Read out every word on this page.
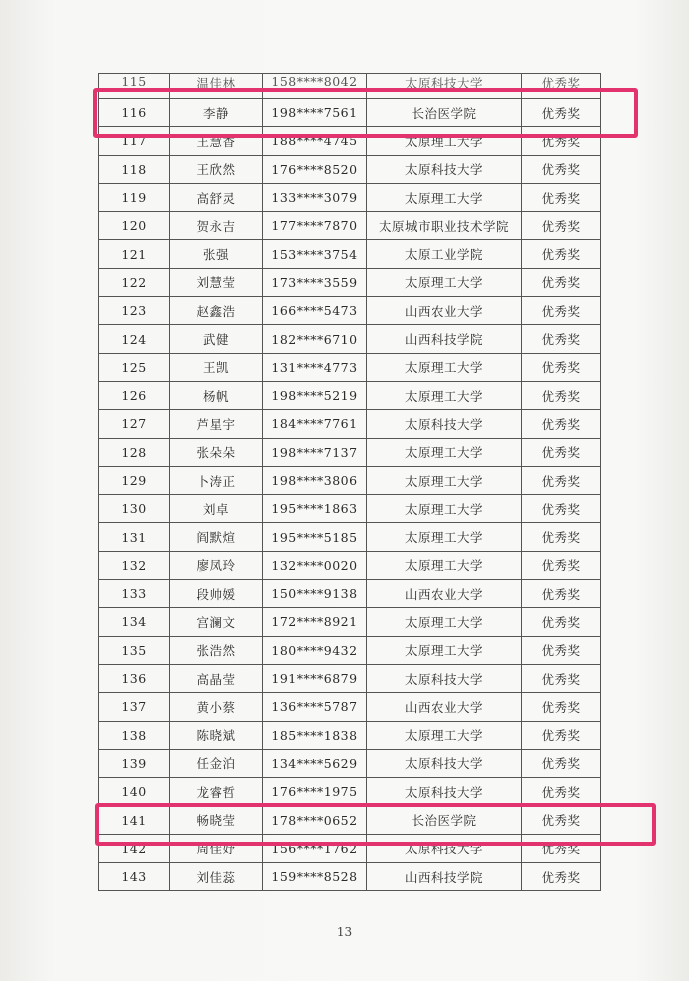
115	温佳林	158****8042	太原科技大学	优秀奖
116	李静	198****7561	长治医学院	优秀奖
117	王慧香	188****4745	太原理工大学	优秀奖
118	王欣然	176****8520	太原科技大学	优秀奖
119	高舒灵	133****3079	太原理工大学	优秀奖
120	贺永吉	177****7870	太原城市职业技术学院	优秀奖
121	张强	153****3754	太原工业学院	优秀奖
122	刘慧莹	173****3559	太原理工大学	优秀奖
123	赵鑫浩	166****5473	山西农业大学	优秀奖
124	武健	182****6710	山西科技学院	优秀奖
125	王凯	131****4773	太原理工大学	优秀奖
126	杨帆	198****5219	太原理工大学	优秀奖
127	芦星宇	184****7761	太原科技大学	优秀奖
128	张朵朵	198****7137	太原理工大学	优秀奖
129	卜涛正	198****3806	太原理工大学	优秀奖
130	刘卓	195****1863	太原理工大学	优秀奖
131	阎默煊	195****5185	太原理工大学	优秀奖
132	廖凤玲	132****0020	太原理工大学	优秀奖
133	段帅媛	150****9138	山西农业大学	优秀奖
134	宫澜文	172****8921	太原理工大学	优秀奖
135	张浩然	180****9432	太原理工大学	优秀奖
136	高晶莹	191****6879	太原科技大学	优秀奖
137	黄小蔡	136****5787	山西农业大学	优秀奖
138	陈晓斌	185****1838	太原理工大学	优秀奖
139	任金泊	134****5629	太原科技大学	优秀奖
140	龙睿哲	176****1975	太原科技大学	优秀奖
141	畅晓莹	178****0652	长治医学院	优秀奖
142	周佳妤	156****1762	太原科技大学	优秀奖
143	刘佳蕊	159****8528	山西科技学院	优秀奖
13
